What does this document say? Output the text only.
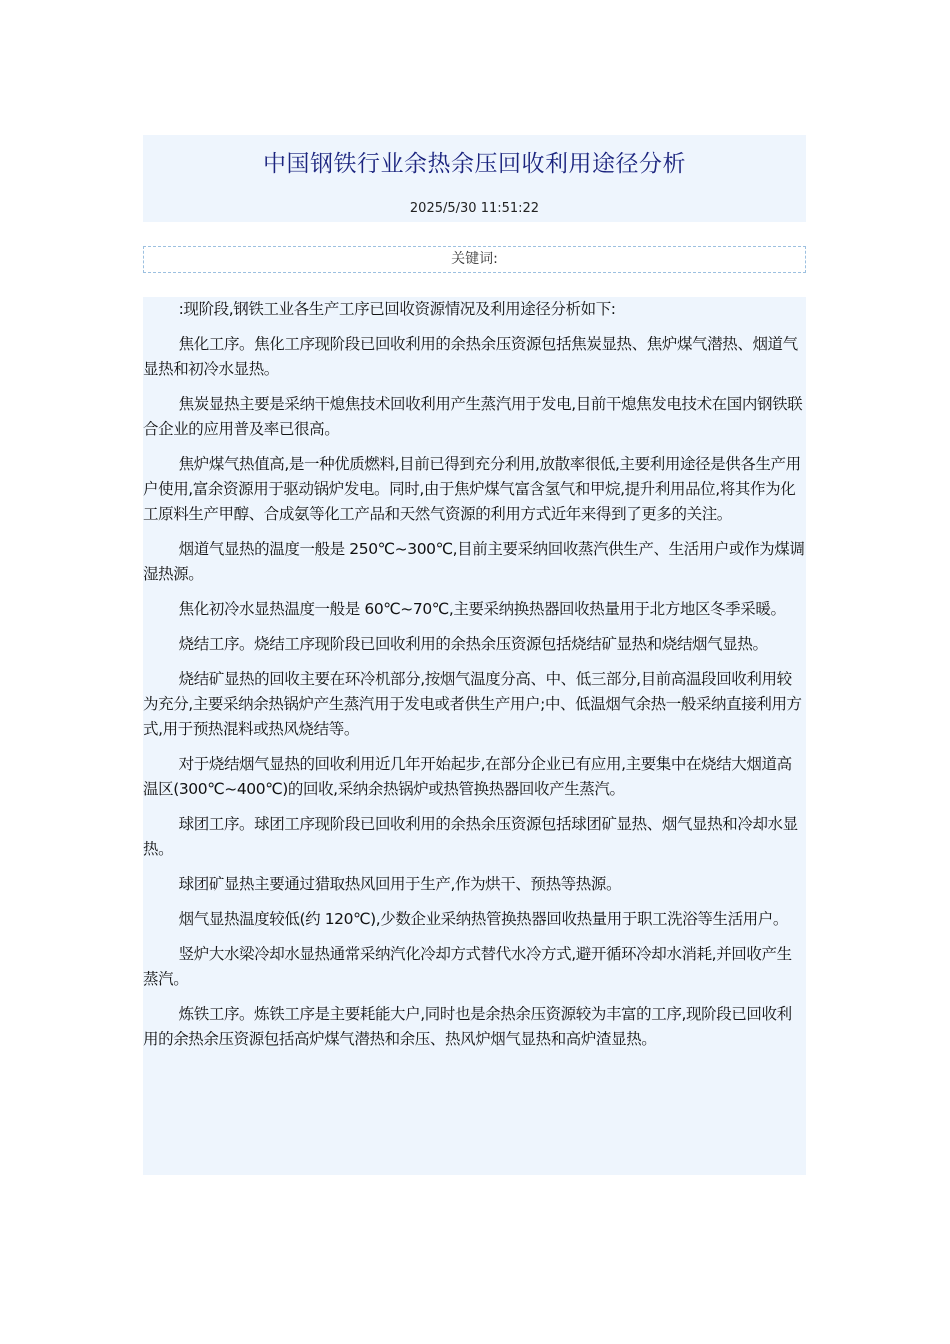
中国钢铁行业余热余压回收利用途径分析
2025/5/30 11:51:22
关键词:

:现阶段,钢铁工业各生产工序已回收资源情况及利用途径分析如下:

焦化工序。焦化工序现阶段已回收利用的余热余压资源包括焦炭显热、焦炉煤气潜热、烟道气显热和初冷水显热。

焦炭显热主要是采纳干熄焦技术回收利用产生蒸汽用于发电,目前干熄焦发电技术在国内钢铁联合企业的应用普及率已很高。

焦炉煤气热值高,是一种优质燃料,目前已得到充分利用,放散率很低,主要利用途径是供各生产用户使用,富余资源用于驱动锅炉发电。同时,由于焦炉煤气富含氢气和甲烷,提升利用品位,将其作为化工原料生产甲醇、合成氨等化工产品和天然气资源的利用方式近年来得到了更多的关注。

烟道气显热的温度一般是 250℃~300℃,目前主要采纳回收蒸汽供生产、生活用户或作为煤调湿热源。

焦化初冷水显热温度一般是 60℃~70℃,主要采纳换热器回收热量用于北方地区冬季采暖。

烧结工序。烧结工序现阶段已回收利用的余热余压资源包括烧结矿显热和烧结烟气显热。

烧结矿显热的回收主要在环冷机部分,按烟气温度分高、中、低三部分,目前高温段回收利用较为充分,主要采纳余热锅炉产生蒸汽用于发电或者供生产用户;中、低温烟气余热一般采纳直接利用方式,用于预热混料或热风烧结等。

对于烧结烟气显热的回收利用近几年开始起步,在部分企业已有应用,主要集中在烧结大烟道高温区(300℃~400℃)的回收,采纳余热锅炉或热管换热器回收产生蒸汽。

球团工序。球团工序现阶段已回收利用的余热余压资源包括球团矿显热、烟气显热和冷却水显热。

球团矿显热主要通过猎取热风回用于生产,作为烘干、预热等热源。

烟气显热温度较低(约 120℃),少数企业采纳热管换热器回收热量用于职工洗浴等生活用户。

竖炉大水梁冷却水显热通常采纳汽化冷却方式替代水冷方式,避开循环冷却水消耗,并回收产生蒸汽。

炼铁工序。炼铁工序是主要耗能大户,同时也是余热余压资源较为丰富的工序,现阶段已回收利用的余热余压资源包括高炉煤气潜热和余压、热风炉烟气显热和高炉渣显热。
